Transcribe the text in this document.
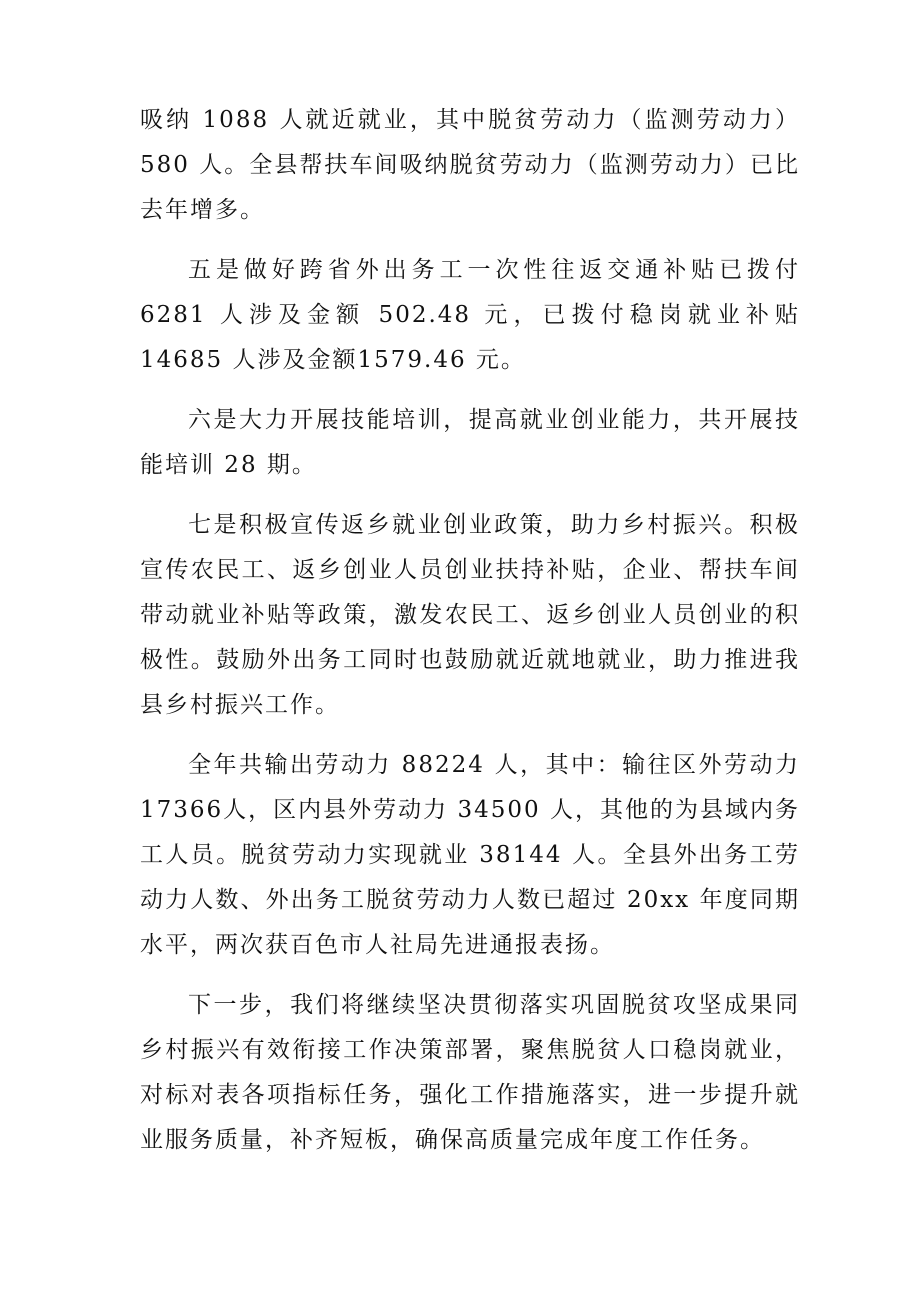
吸纳 1088 人就近就业，其中脱贫劳动力（监测劳动力）580 人。全县帮扶车间吸纳脱贫劳动力（监测劳动力）已比去年增多。

五是做好跨省外出务工一次性往返交通补贴已拨付 6281 人涉及金额 502.48 元，已拨付稳岗就业补贴 14685 人涉及金额1579.46 元。

六是大力开展技能培训，提高就业创业能力，共开展技能培训 28 期。

七是积极宣传返乡就业创业政策，助力乡村振兴。积极宣传农民工、返乡创业人员创业扶持补贴，企业、帮扶车间带动就业补贴等政策，激发农民工、返乡创业人员创业的积极性。鼓励外出务工同时也鼓励就近就地就业，助力推进我县乡村振兴工作。

全年共输出劳动力 88224 人，其中：输往区外劳动力 17366人，区内县外劳动力 34500 人，其他的为县域内务工人员。脱贫劳动力实现就业 38144 人。全县外出务工劳动力人数、外出务工脱贫劳动力人数已超过 20xx 年度同期水平，两次获百色市人社局先进通报表扬。

下一步，我们将继续坚决贯彻落实巩固脱贫攻坚成果同乡村振兴有效衔接工作决策部署，聚焦脱贫人口稳岗就业，对标对表各项指标任务，强化工作措施落实，进一步提升就业服务质量，补齐短板，确保高质量完成年度工作任务。
